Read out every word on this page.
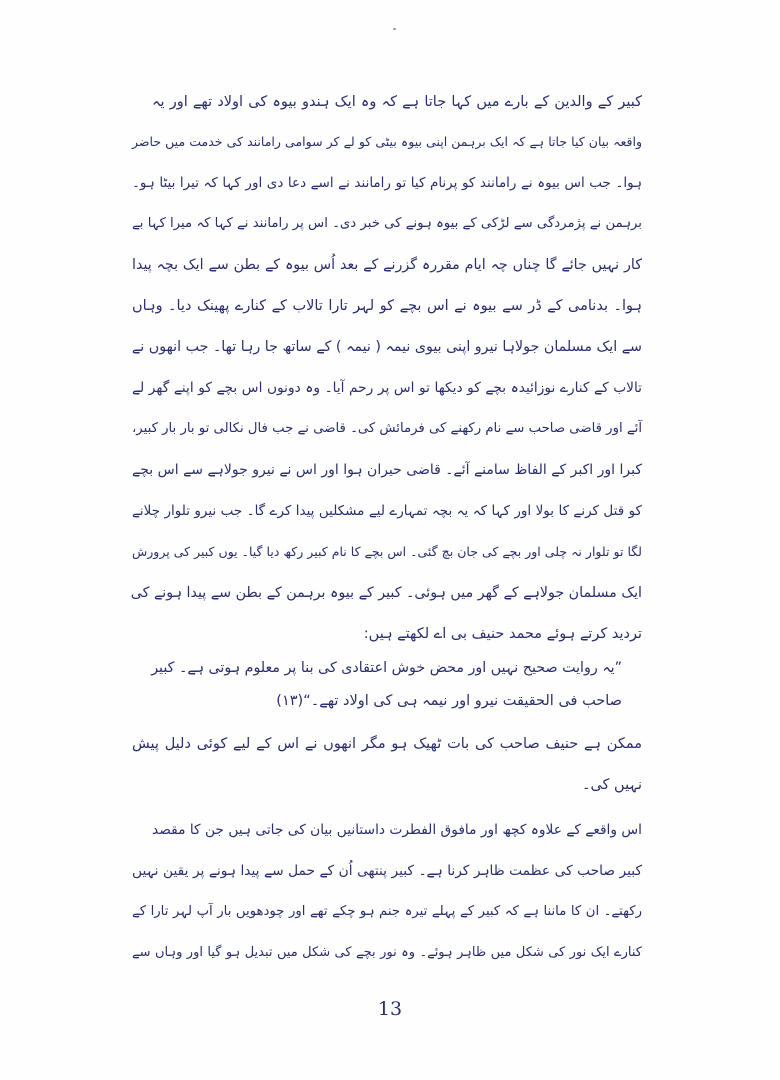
کبیر کے والدین کے بارے میں کہا جاتا ہے کہ وہ ایک ہندو بیوہ کی اولاد تھے اور یہ
واقعہ بیان کیا جاتا ہے کہ ایک برہمن اپنی بیوہ بیٹی کو لے کر سوامی رامانند کی خدمت میں حاضر
ہوا۔ جب اس بیوہ نے رامانند کو پرنام کیا تو رامانند نے اسے دعا دی اور کہا کہ تیرا بیٹا ہو۔
برہمن نے پژمردگی سے لڑکی کے بیوہ ہونے کی خبر دی۔ اس پر رامانند نے کہا کہ میرا کہا بے
کار نہیں جائے گا چناں چہ ایام مقررہ گزرنے کے بعد اُس بیوہ کے بطن سے ایک بچہ پیدا
ہوا۔ بدنامی کے ڈر سے بیوہ نے اس بچے کو لہر تارا تالاب کے کنارے پھینک دیا۔ وہاں
سے ایک مسلمان جولاہا نیرو اپنی بیوی نیمہ ( نیمہ ) کے ساتھ جا رہا تھا۔ جب انھوں نے
تالاب کے کنارے نوزائیدہ بچے کو دیکھا تو اس پر رحم آیا۔ وہ دونوں اس بچے کو اپنے گھر لے
آئے اور قاضی صاحب سے نام رکھنے کی فرمائش کی۔ قاضی نے جب فال نکالی تو بار بار کبیر،
کبرا اور اکبر کے الفاظ سامنے آئے۔ قاضی حیران ہوا اور اس نے نیرو جولاہے سے اس بچے
کو قتل کرنے کا بولا اور کہا کہ یہ بچہ تمہارے لیے مشکلیں پیدا کرے گا۔ جب نیرو تلوار چلانے
لگا تو تلوار نہ چلی اور بچے کی جان بچ گئی۔ اس بچے کا نام کبیر رکھ دیا گیا۔ یوں کبیر کی پرورش
ایک مسلمان جولاہے کے گھر میں ہوئی۔ کبیر کے بیوہ برہمن کے بطن سے پیدا ہونے کی
تردید کرتے ہوئے محمد حنیف بی اے لکھتے ہیں:
”یہ روایت صحیح نہیں اور محض خوش اعتقادی کی بنا پر معلوم ہوتی ہے۔ کبیر
صاحب فی الحقیقت نیرو اور نیمہ ہی کی اولاد تھے۔“(۱۳)
ممکن ہے حنیف صاحب کی بات ٹھیک ہو مگر انھوں نے اس کے لیے کوئی دلیل پیش
نہیں کی۔
اس واقعے کے علاوہ کچھ اور مافوق الفطرت داستانیں بیان کی جاتی ہیں جن کا مقصد
کبیر صاحب کی عظمت ظاہر کرنا ہے۔ کبیر پنتھی اُن کے حمل سے پیدا ہونے پر یقین نہیں
رکھتے۔ ان کا ماننا ہے کہ کبیر کے پہلے تیرہ جنم ہو چکے تھے اور چودھویں بار آپ لہر تارا کے
کنارے ایک نور کی شکل میں ظاہر ہوئے۔ وہ نور بچے کی شکل میں تبدیل ہو گیا اور وہاں سے
13
